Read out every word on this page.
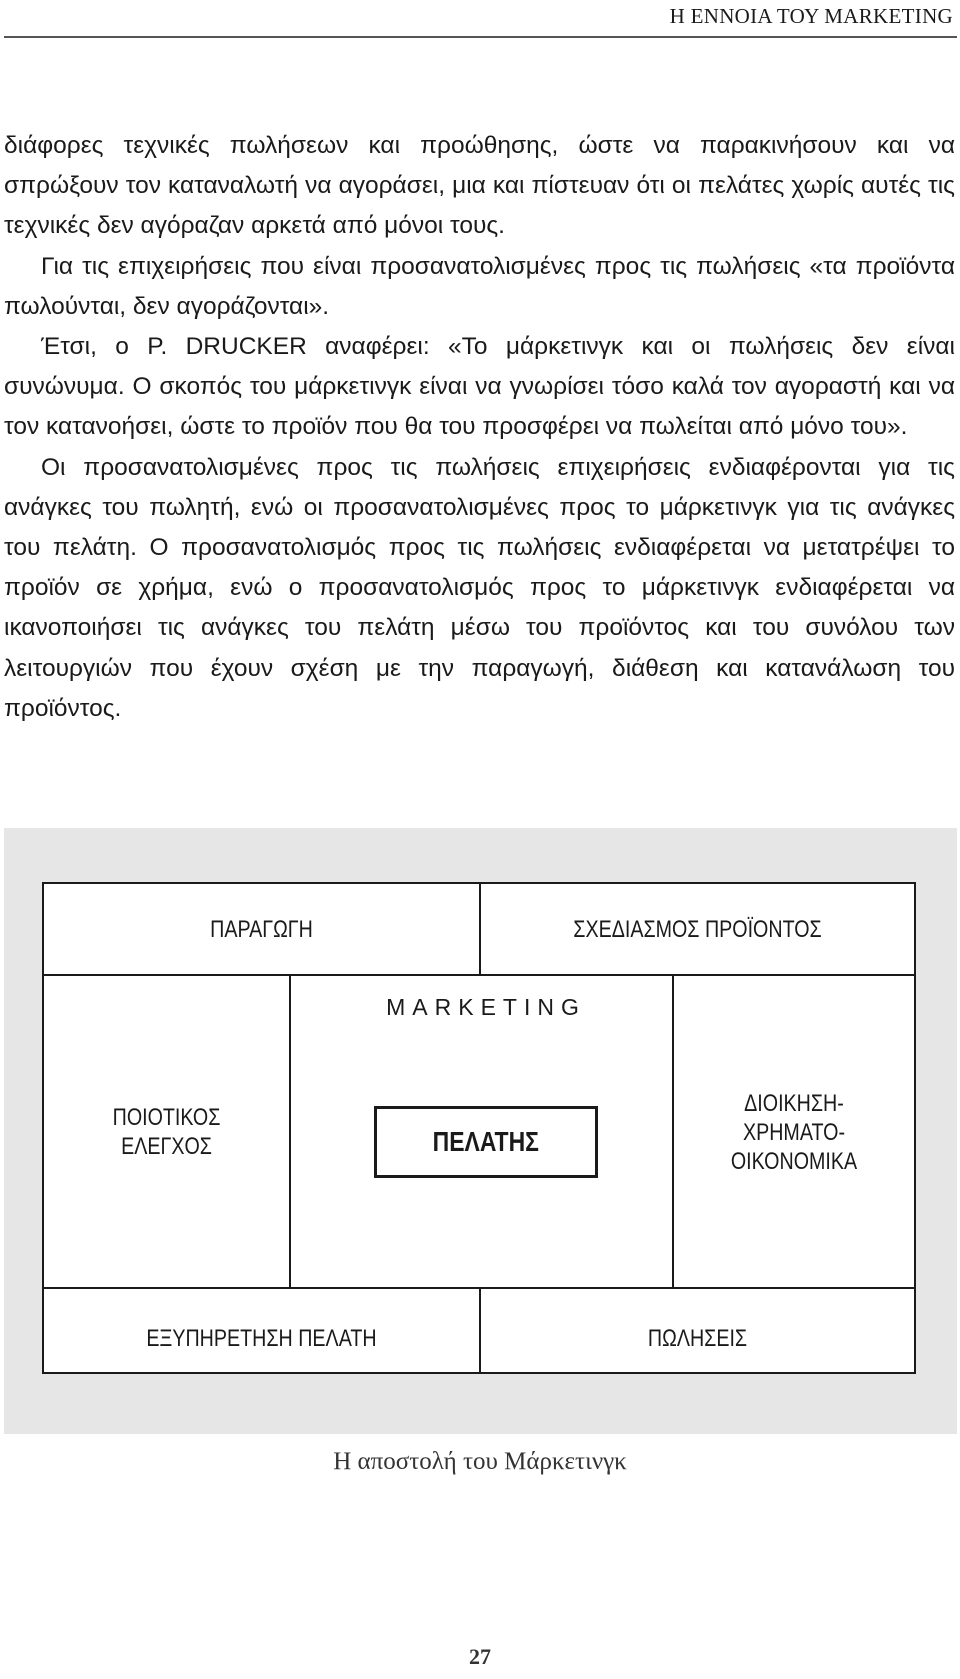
Η ΕΝΝΟΙΑ ΤΟΥ MARKETING

διάφορες τεχνικές πωλήσεων και προώθησης, ώστε να παρακινήσουν και να σπρώξουν τον καταναλωτή να αγοράσει, μια και πίστευαν ότι οι πελάτες χωρίς αυτές τις τεχνικές δεν αγόραζαν αρκετά από μόνοι τους.

Για τις επιχειρήσεις που είναι προσανατολισμένες προς τις πωλήσεις «τα προϊόντα πωλούνται, δεν αγοράζονται».

Έτσι, ο P. DRUCKER αναφέρει: «Το μάρκετινγκ και οι πωλήσεις δεν είναι συνώνυμα. Ο σκοπός του μάρκετινγκ είναι να γνωρίσει τόσο καλά τον αγοραστή και να τον κατανοήσει, ώστε το προϊόν που θα του προσφέρει να πωλείται από μόνο του».

Οι προσανατολισμένες προς τις πωλήσεις επιχειρήσεις ενδιαφέρονται για τις ανάγκες του πωλητή, ενώ οι προσανατολισμένες προς το μάρκετινγκ για τις ανάγκες του πελάτη. Ο προσανατολισμός προς τις πωλήσεις ενδιαφέρεται να μετατρέψει το προϊόν σε χρήμα, ενώ ο προσανατολισμός προς το μάρκετινγκ ενδιαφέρεται να ικανοποιήσει τις ανάγκες του πελάτη μέσω του προϊόντος και του συνόλου των λειτουργιών που έχουν σχέση με την παραγωγή, διάθεση και κατανάλωση του προϊόντος.

ΠΑΡΑΓΩΓΗ	ΣΧΕΔΙΑΣΜΟΣ ΠΡΟΪΟΝΤΟΣ
MARKETING
ΠΟΙΟΤΙΚΟΣ
ΕΛΕΓΧΟΣ	ΠΕΛΑΤΗΣ
ΔΙΟΙΚΗΣΗ-
ΧΡΗΜΑΤΟ-
ΟΙΚΟΝΟΜΙΚΑ
ΕΞΥΠΗΡΕΤΗΣΗ ΠΕΛΑΤΗ	ΠΩΛΗΣΕΙΣ
Η αποστολή του Μάρκετινγκ
27
